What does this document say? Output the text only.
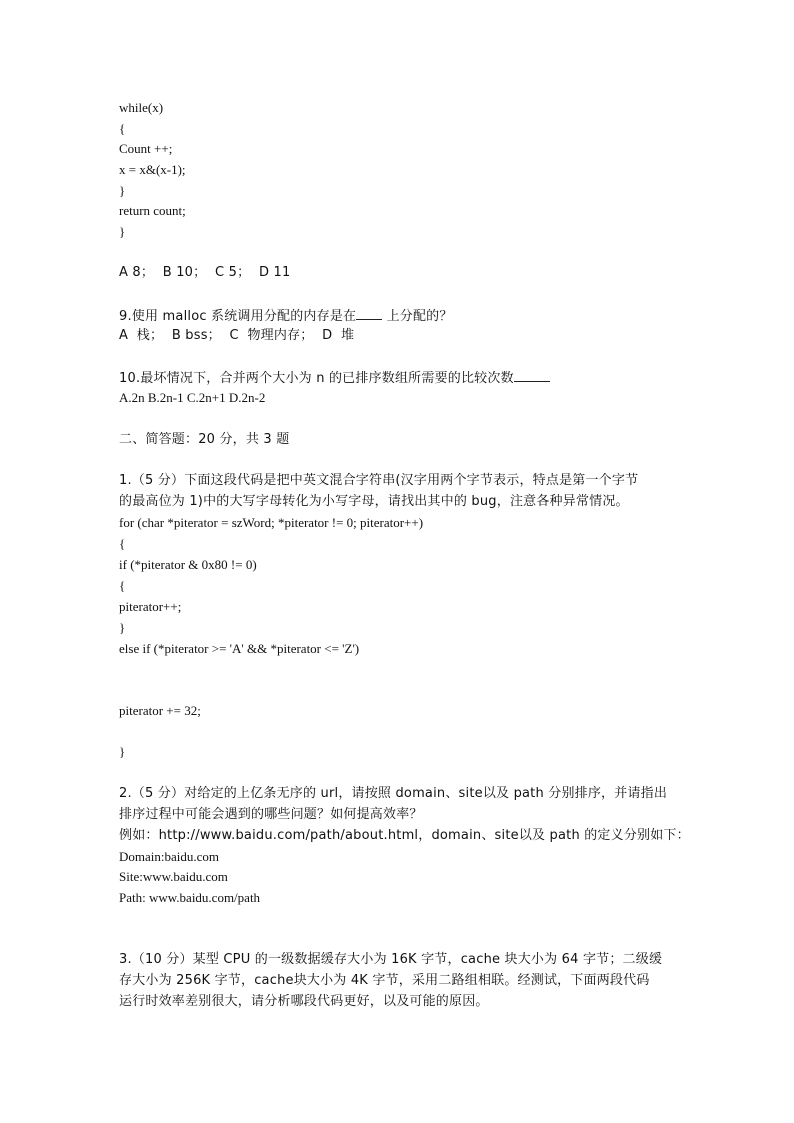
while(x)
{
Count ++;
x = x&(x-1);
}
return count;
}
A 8；  B 10；  C 5；  D 11
9.使用 malloc 系统调用分配的内存是在 上分配的？
A  栈；  B bss；  C  物理内存；  D  堆
10.最坏情况下，合并两个大小为 n 的已排序数组所需要的比较次数
A.2n B.2n-1 C.2n+1 D.2n-2
二、简答题：20 分，共 3 题
1.（5 分）下面这段代码是把中英文混合字符串(汉字用两个字节表示，特点是第一个字节
的最高位为 1)中的大写字母转化为小写字母，请找出其中的 bug，注意各种异常情况。
for (char *piterator = szWord; *piterator != 0; piterator++)
{
if (*piterator & 0x80 != 0)
{
piterator++;
}
else if (*piterator >= 'A' && *piterator <= 'Z')
piterator += 32;
}
2.（5 分）对给定的上亿条无序的 url，请按照 domain、site以及 path 分别排序，并请指出
排序过程中可能会遇到的哪些问题？如何提高效率？
例如：http://www.baidu.com/path/about.html，domain、site以及 path 的定义分别如下：
Domain:baidu.com
Site:www.baidu.com
Path: www.baidu.com/path
3.（10 分）某型 CPU 的一级数据缓存大小为 16K 字节，cache 块大小为 64 字节；二级缓
存大小为 256K 字节，cache块大小为 4K 字节，采用二路组相联。经测试，下面两段代码
运行时效率差别很大，请分析哪段代码更好，以及可能的原因。
